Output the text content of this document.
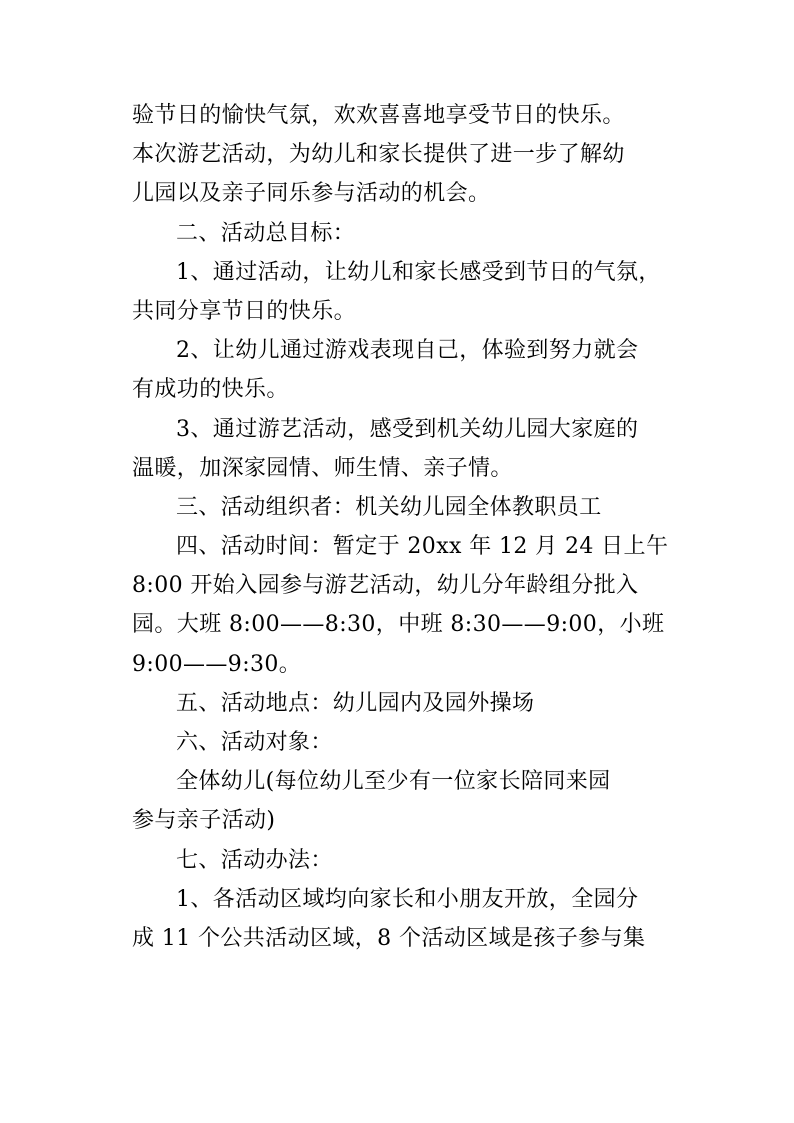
验节日的愉快气氛，欢欢喜喜地享受节日的快乐。
本次游艺活动，为幼儿和家长提供了进一步了解幼
儿园以及亲子同乐参与活动的机会。
二、活动总目标：
1、通过活动，让幼儿和家长感受到节日的气氛，
共同分享节日的快乐。
2、让幼儿通过游戏表现自己，体验到努力就会
有成功的快乐。
3、通过游艺活动，感受到机关幼儿园大家庭的
温暖，加深家园情、师生情、亲子情。
三、活动组织者：机关幼儿园全体教职员工
四、活动时间：暂定于 20xx 年 12 月 24 日上午
8:00 开始入园参与游艺活动，幼儿分年龄组分批入
园。大班 8:00——8:30，中班 8:30——9:00，小班
9:00——9:30。
五、活动地点：幼儿园内及园外操场
六、活动对象：
全体幼儿(每位幼儿至少有一位家长陪同来园
参与亲子活动)
七、活动办法：
1、各活动区域均向家长和小朋友开放，全园分
成 11 个公共活动区域，8 个活动区域是孩子参与集
